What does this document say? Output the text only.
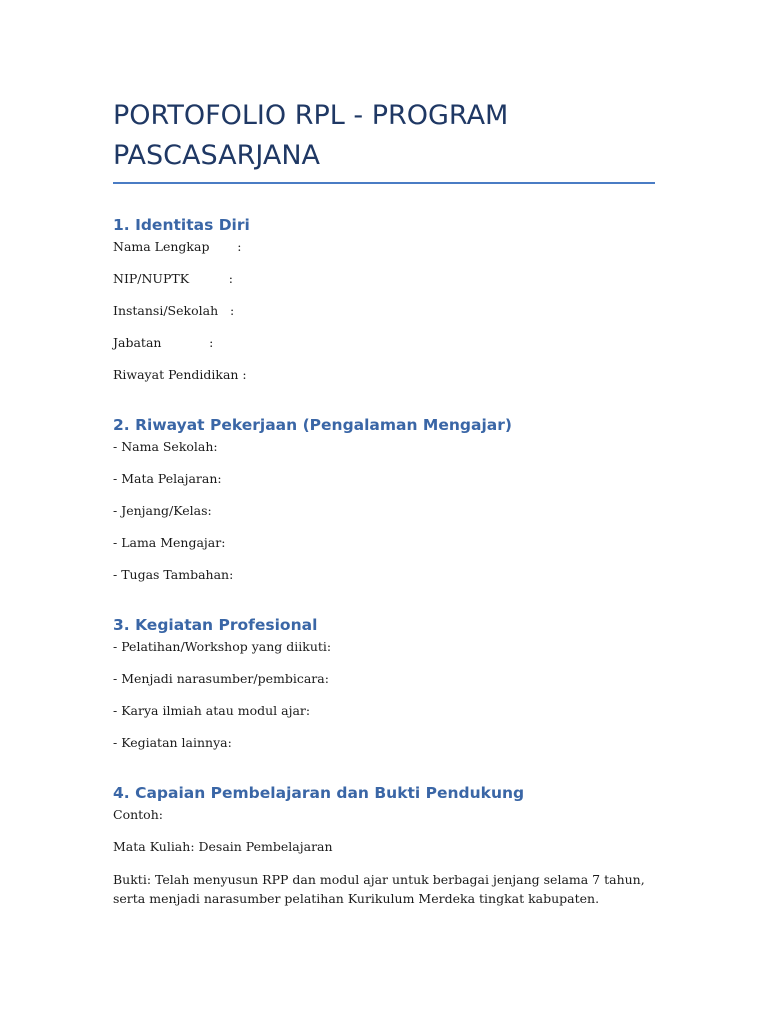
PORTOFOLIO RPL - PROGRAM
PASCASARJANA
1. Identitas Diri

Nama Lengkap       :

NIP/NUPTK          :

Instansi/Sekolah   :

Jabatan            :

Riwayat Pendidikan :

2. Riwayat Pekerjaan (Pengalaman Mengajar)

- Nama Sekolah:

- Mata Pelajaran:

- Jenjang/Kelas:

- Lama Mengajar:

- Tugas Tambahan:

3. Kegiatan Profesional

- Pelatihan/Workshop yang diikuti:

- Menjadi narasumber/pembicara:

- Karya ilmiah atau modul ajar:

- Kegiatan lainnya:

4. Capaian Pembelajaran dan Bukti Pendukung

Contoh:

Mata Kuliah: Desain Pembelajaran

Bukti: Telah menyusun RPP dan modul ajar untuk berbagai jenjang selama 7 tahun, serta menjadi narasumber pelatihan Kurikulum Merdeka tingkat kabupaten.
